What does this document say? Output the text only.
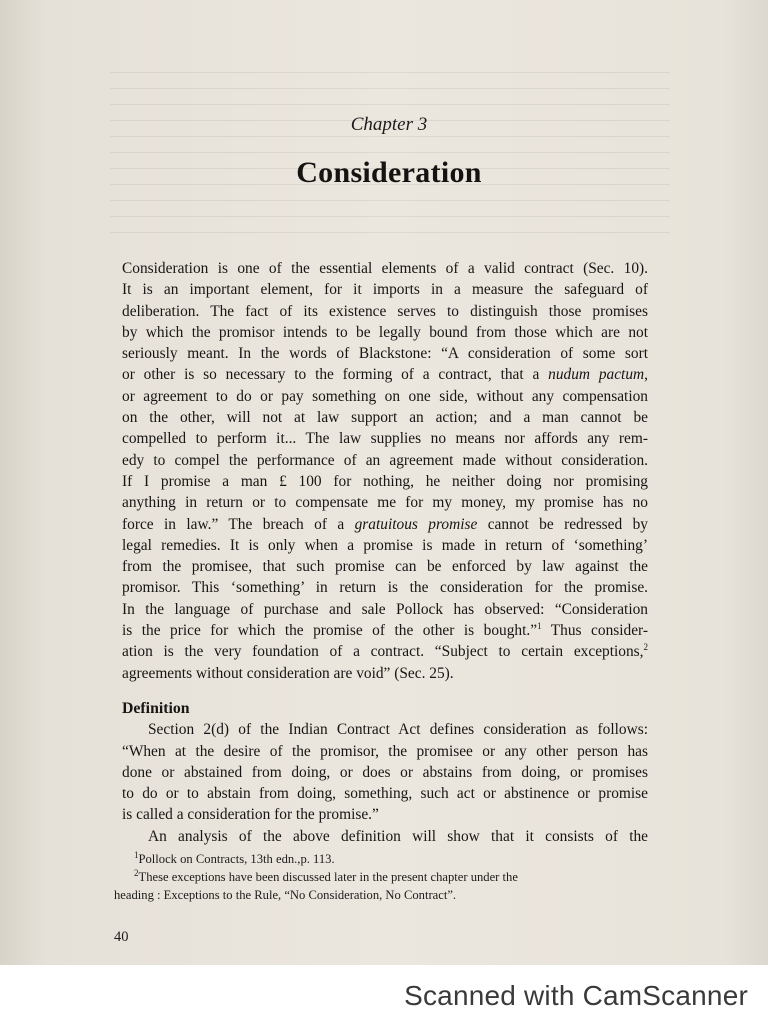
Chapter 3
Consideration
Consideration is one of the essential elements of a valid contract (Sec. 10).
It is an important element, for it imports in a measure the safeguard of
deliberation. The fact of its existence serves to distinguish those promises
by which the promisor intends to be legally bound from those which are not
seriously meant. In the words of Blackstone: “A consideration of some sort
or other is so necessary to the forming of a contract, that a nudum pactum,
or agreement to do or pay something on one side, without any compensation
on the other, will not at law support an action; and a man cannot be
compelled to perform it... The law supplies no means nor affords any rem-
edy to compel the performance of an agreement made without consideration.
If I promise a man £ 100 for nothing, he neither doing nor promising
anything in return or to compensate me for my money, my promise has no
force in law.” The breach of a gratuitous promise cannot be redressed by
legal remedies. It is only when a promise is made in return of ‘something’
from the promisee, that such promise can be enforced by law against the
promisor. This ‘something’ in return is the consideration for the promise.
In the language of purchase and sale Pollock has observed: “Consideration
is the price for which the promise of the other is bought.”$^1$ Thus consider-
ation is the very foundation of a contract. “Subject to certain exceptions,$^2$
agreements without consideration are void” (Sec. 25).
Definition
Section 2(d) of the Indian Contract Act defines consideration as follows:
“When at the desire of the promisor, the promisee or any other person has
done or abstained from doing, or does or abstains from doing, or promises
to do or to abstain from doing, something, such act or abstinence or promise
is called a consideration for the promise.”
An analysis of the above definition will show that it consists of the
$^1$Pollock on Contracts, 13th edn.,p. 113.
$^2$These exceptions have been discussed later in the present chapter under the
heading : Exceptions to the Rule, “No Consideration, No Contract”.
40
Scanned with CamScanner
